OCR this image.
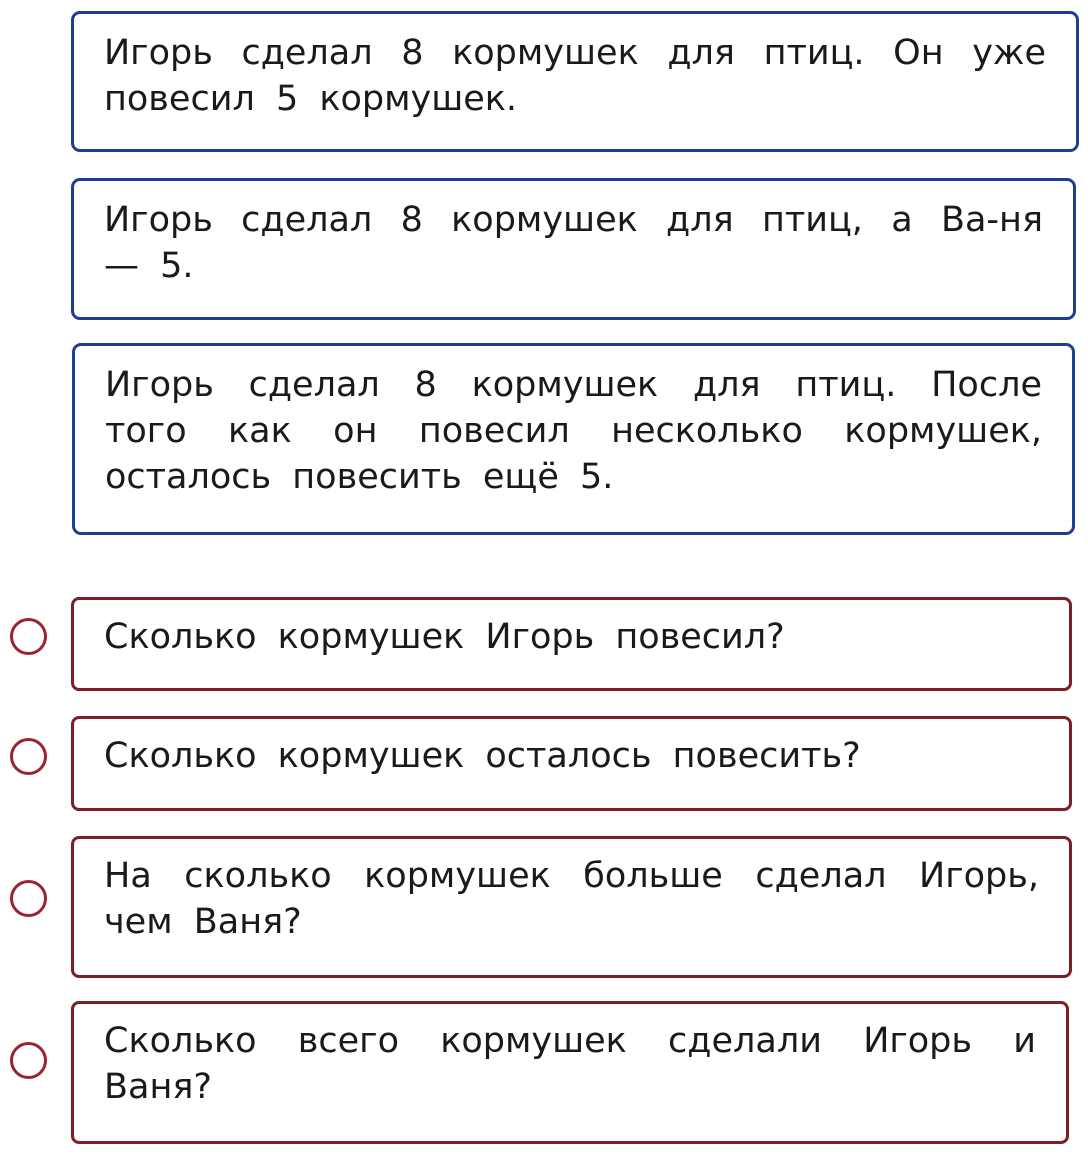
Игорь сделал 8 кормушек для птиц. Он уже повесил 5 кормушек.

Игорь сделал 8 кормушек для птиц, а Ва-ня — 5.

Игорь сделал 8 кормушек для птиц. После того как он повесил несколько кормушек, осталось повесить ещё 5.

Сколько кормушек Игорь повесил?

Сколько кормушек осталось повесить?

На сколько кормушек больше сделал Игорь, чем Ваня?

Сколько всего кормушек сделали Игорь и Ваня?
